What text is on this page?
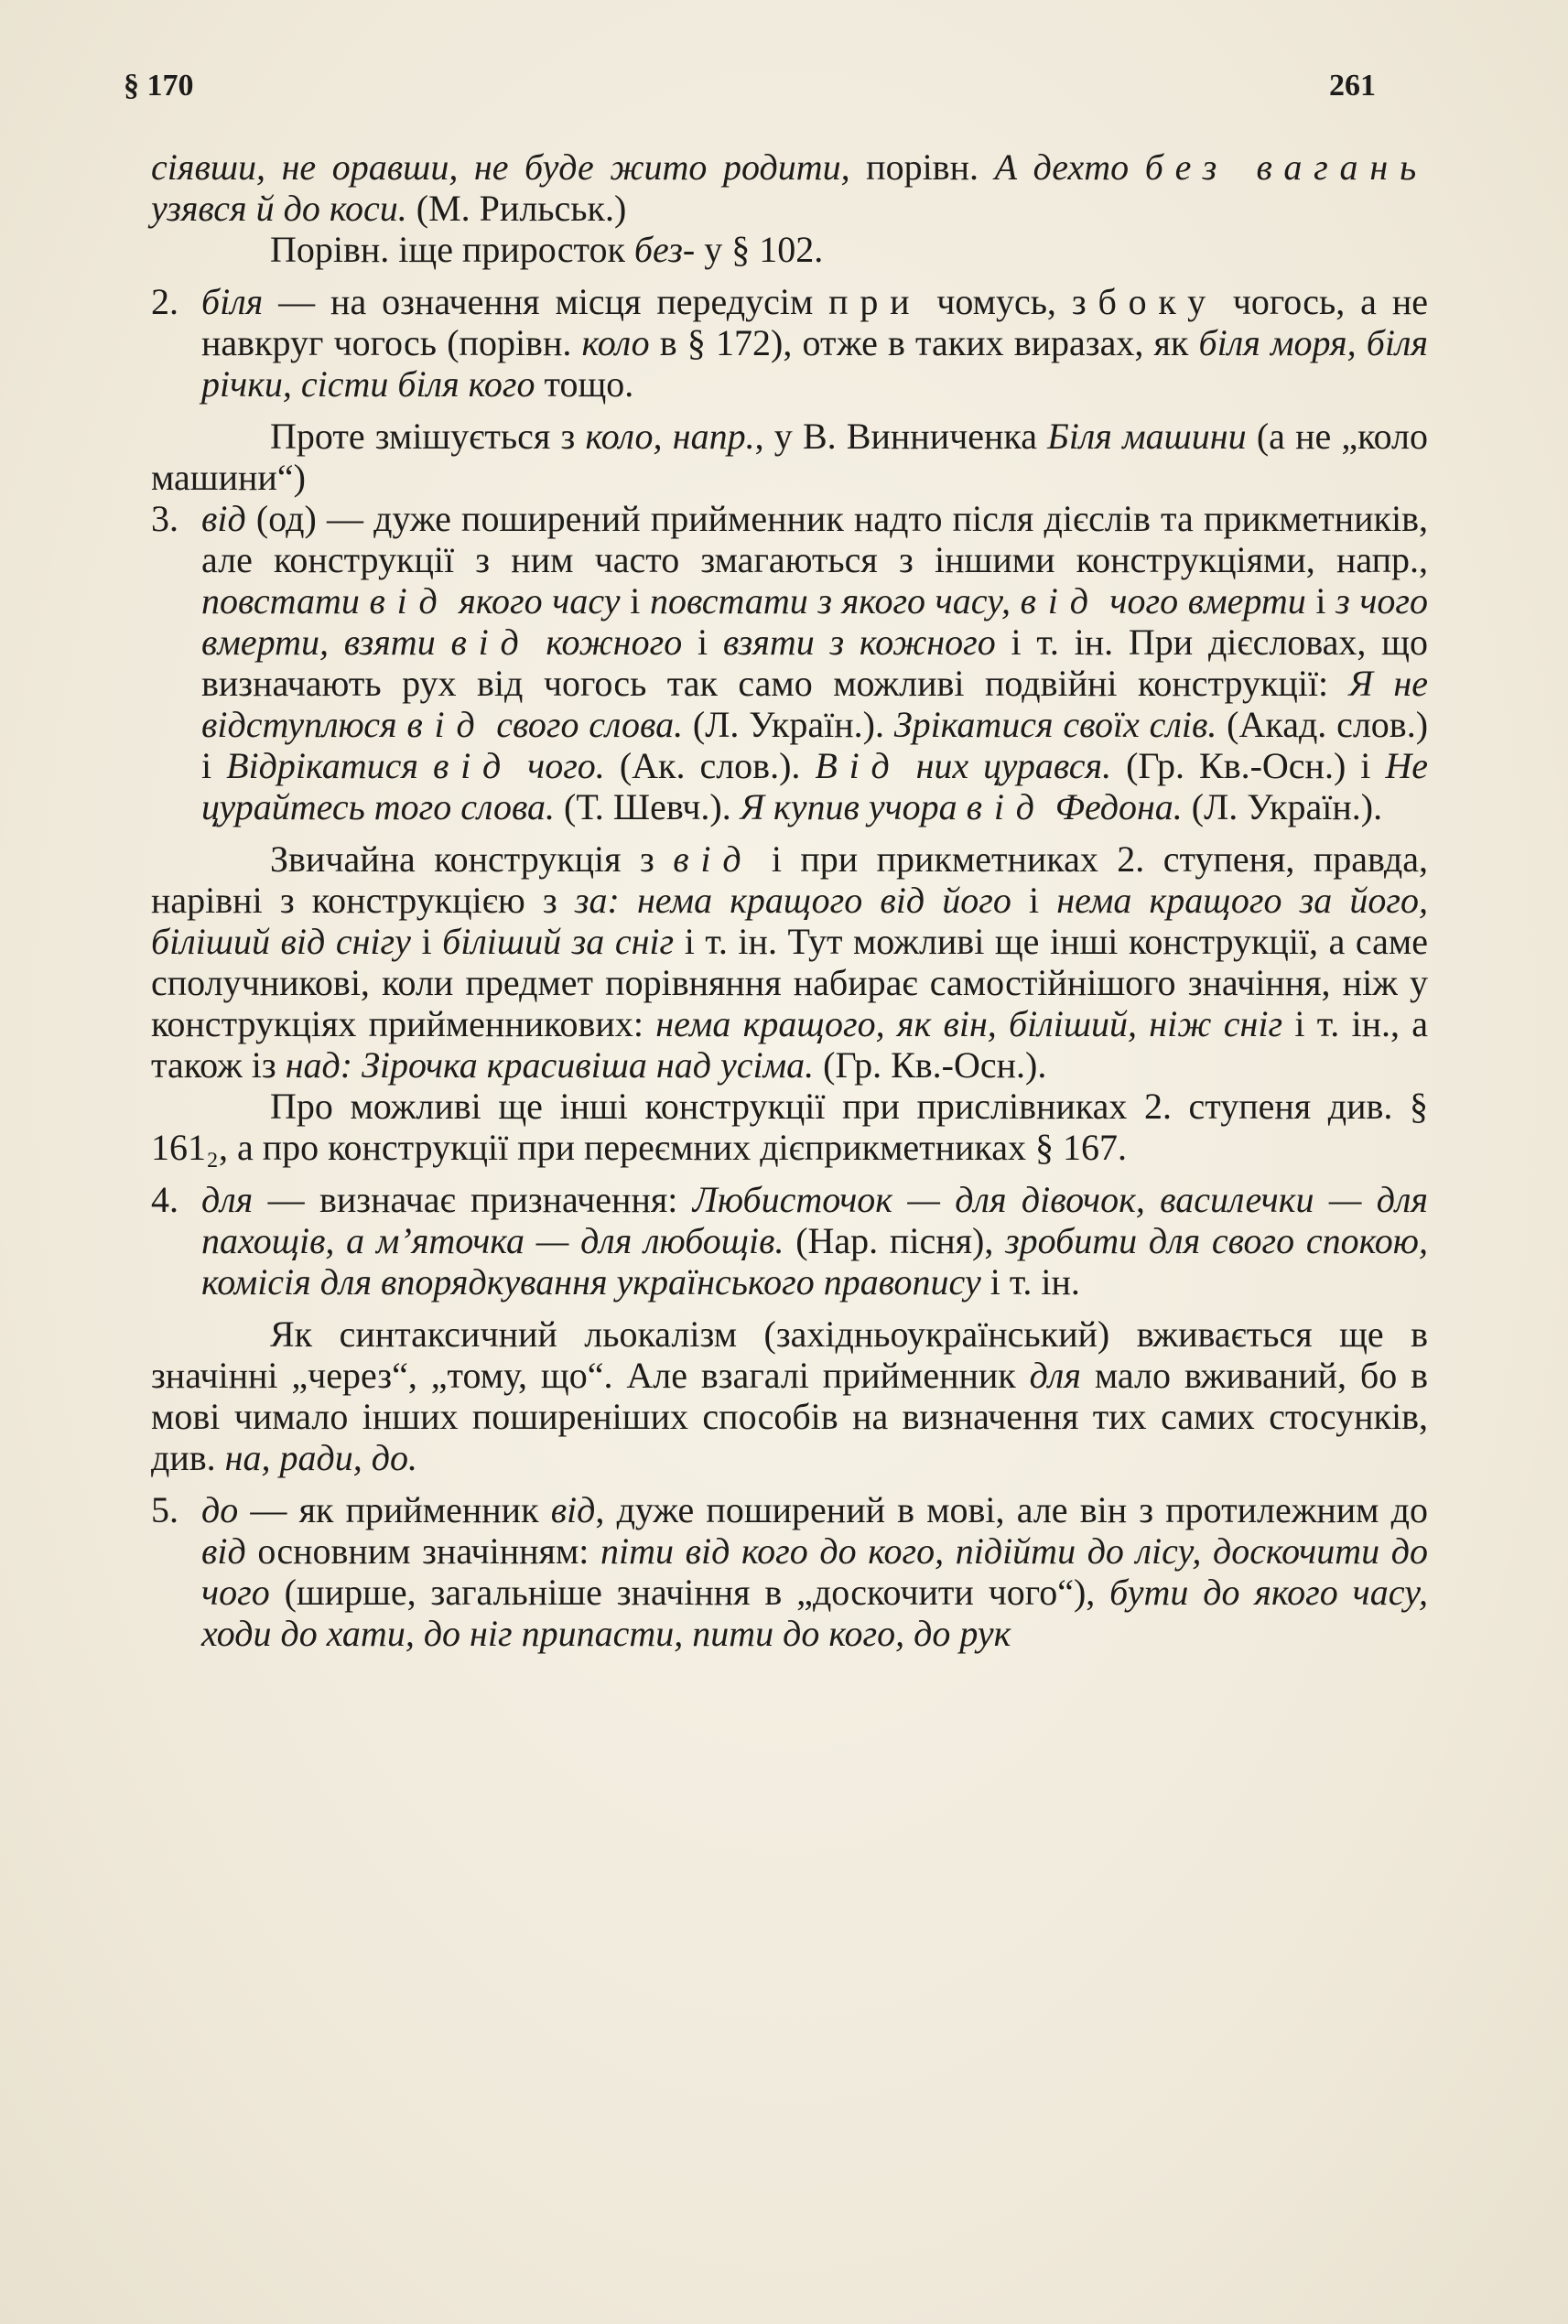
§ 170	261

сіявши, не оравши, не буде жито родити, порівн. А дехто без вагань узявся й до коси. (М. Рильськ.)

Порівн. іще приросток без- у § 102.

2. біля — на означення місця передусім при чомусь, збоку чогось, а не навкруг чогось (порівн. коло в § 172), отже в таких виразах, як біля моря, біля річки, сісти біля кого тощо.

Проте змішується з коло, напр., у В. Винниченка Біля машини (а не „коло машини“)

3. від (од) — дуже поширений прийменник надто після дієслів та прикметників, але конструкції з ним часто змагаються з іншими конструкціями, напр., повстати від якого часу і повстати з якого часу, від чого вмерти і з чого вмерти, взяти від кожного і взяти з кожного і т. ін. При дієсловах, що визначають рух від чогось так само можливі подвійні конструкції: Я не відступлюся від свого слова. (Л. Україн.). Зрікатися своїх слів. (Акад. слов.) і Відрікатися від чого. (Ак. слов.). Від них цурався. (Гр. Кв.-Осн.) і Не цурайтесь того слова. (Т. Шевч.). Я купив учора від Федона. (Л. Україн.).

Звичайна конструкція з від і при прикметниках 2. ступеня, правда, нарівні з конструкцією з за: нема кращого від його і нема кращого за його, біліший від снігу і біліший за сніг і т. ін. Тут можливі ще інші конструкції, а саме сполучникові, коли предмет порівняння набирає самостійнішого значіння, ніж у конструкціях прийменникових: нема кращого, як він, біліший, ніж сніг і т. ін., а також із над: Зірочка красивіша над усіма. (Гр. Кв.-Осн.).

Про можливі ще інші конструкції при прислівниках 2. ступеня див. § 161₂, а про конструкції при переємних дієприкметниках § 167.

4. для — визначає призначення: Любисточок — для дівочок, василечки — для пахощів, а м’яточка — для любощів. (Нар. пісня), зробити для свого спокою, комісія для впорядкування українського правопису і т. ін.

Як синтаксичний льокалізм (західньоукраїнський) вживається ще в значінні „через“, „тому, що“. Але взагалі прийменник для мало вживаний, бо в мові чимало інших поширеніших способів на визначення тих самих стосунків, див. на, ради, до.

5. до — як прийменник від, дуже поширений в мові, але він з протилежним до від основним значінням: піти від кого до кого, підійти до лісу, доскочити до чого (ширше, загальніше значіння в „доскочити чого“), бути до якого часу, ходи до хати, до ніг припасти, пити до кого, до рук
